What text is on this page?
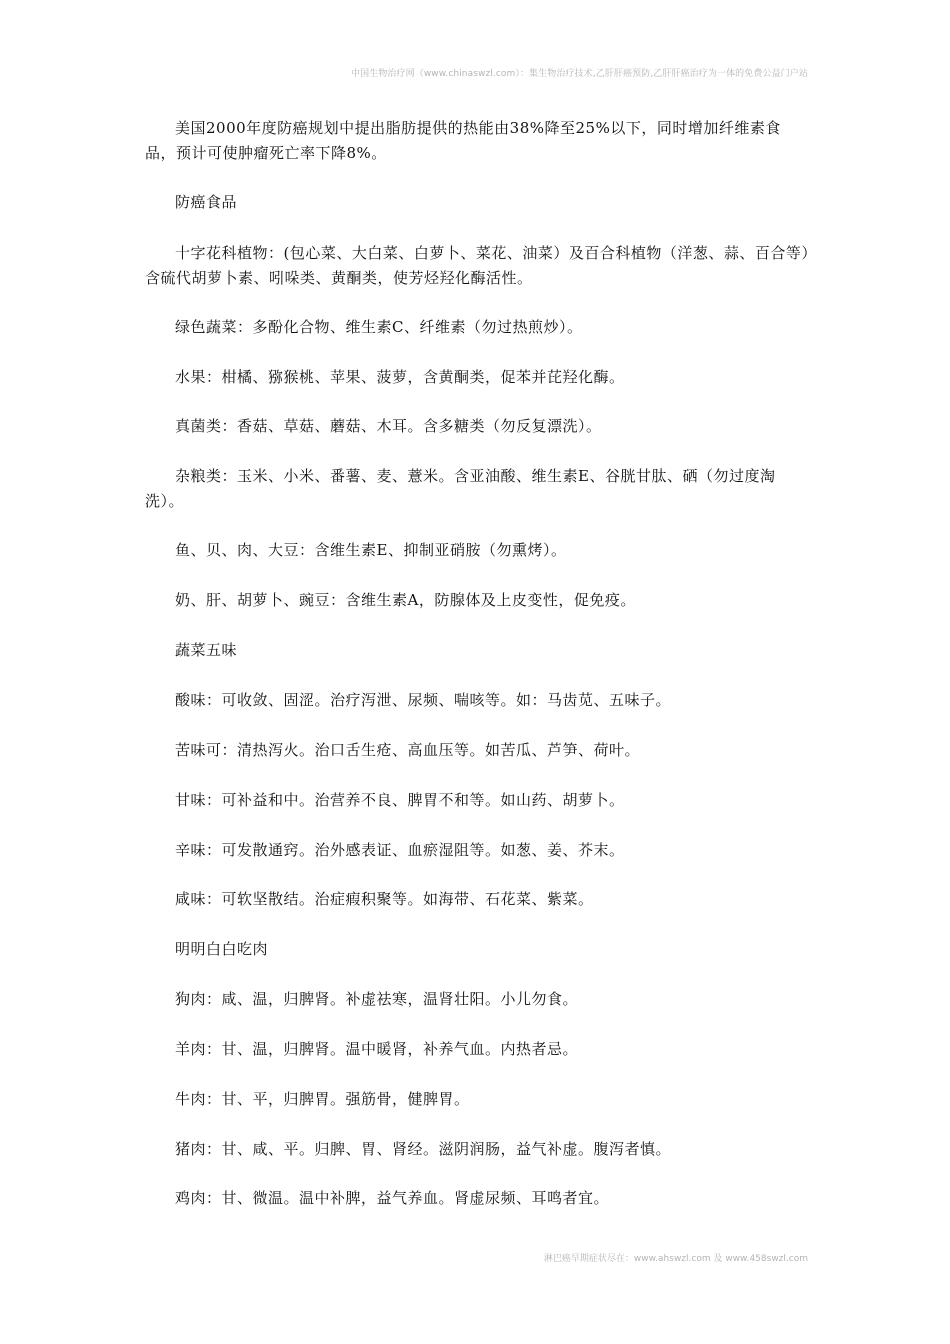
中国生物治疗网（www.chinaswzl.com）：集生物治疗技术,乙肝肝癌预防,乙肝肝癌治疗为一体的免费公益门户站

美国2000年度防癌规划中提出脂肪提供的热能由38%降至25%以下，同时增加纤维素食品，预计可使肿瘤死亡率下降8%。

防癌食品

十字花科植物：(包心菜、大白菜、白萝卜、菜花、油菜）及百合科植物（洋葱、蒜、百合等）含硫代胡萝卜素、吲哚类、黄酮类，使芳烃羟化酶活性。

绿色蔬菜：多酚化合物、维生素C、纤维素（勿过热煎炒）。

水果：柑橘、猕猴桃、苹果、菠萝，含黄酮类，促苯并芘羟化酶。

真菌类：香菇、草菇、蘑菇、木耳。含多糖类（勿反复漂洗）。

杂粮类：玉米、小米、番薯、麦、薏米。含亚油酸、维生素E、谷胱甘肽、硒（勿过度淘洗）。

鱼、贝、肉、大豆：含维生素E、抑制亚硝胺（勿熏烤）。

奶、肝、胡萝卜、豌豆：含维生素A，防腺体及上皮变性，促免疫。

蔬菜五味

酸味：可收敛、固涩。治疗泻泄、尿频、喘咳等。如：马齿苋、五味子。

苦味可：清热泻火。治口舌生疮、高血压等。如苦瓜、芦笋、荷叶。

甘味：可补益和中。治营养不良、脾胃不和等。如山药、胡萝卜。

辛味：可发散通窍。治外感表证、血瘀湿阻等。如葱、姜、芥末。

咸味：可软坚散结。治症瘕积聚等。如海带、石花菜、紫菜。

明明白白吃肉

狗肉：咸、温，归脾肾。补虚祛寒，温肾壮阳。小儿勿食。

羊肉：甘、温，归脾肾。温中暖肾，补养气血。内热者忌。

牛肉：甘、平，归脾胃。强筋骨，健脾胃。

猪肉：甘、咸、平。归脾、胃、肾经。滋阴润肠，益气补虚。腹泻者慎。

鸡肉：甘、微温。温中补脾，益气养血。肾虚尿频、耳鸣者宜。

淋巴癌早期症状尽在：www.ahswzl.com 及 www.458swzl.com
